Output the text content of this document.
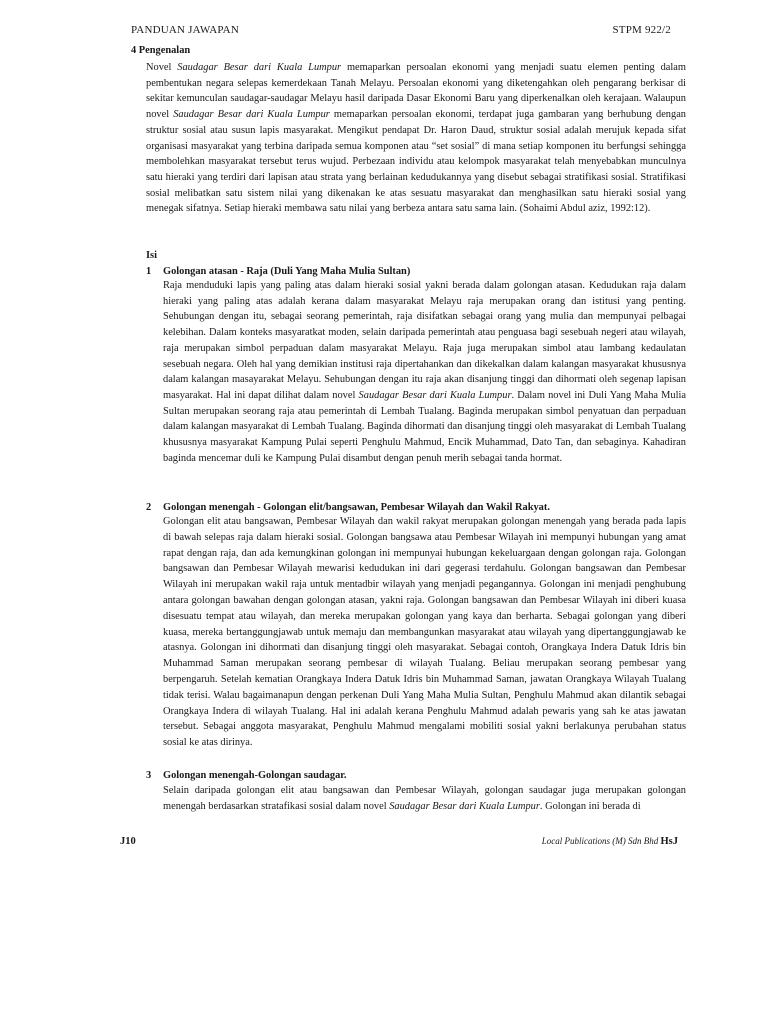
PANDUAN JAWAPAN	STPM 922/2
4 Pengenalan

Novel Saudagar Besar dari Kuala Lumpur memaparkan persoalan ekonomi yang menjadi suatu elemen penting dalam pembentukan negara selepas kemerdekaan Tanah Melayu. Persoalan ekonomi yang diketengahkan oleh pengarang berkisar di sekitar kemunculan saudagar-saudagar Melayu hasil daripada Dasar Ekonomi Baru yang diperkenalkan oleh kerajaan. Walaupun novel Saudagar Besar dari Kuala Lumpur memaparkan persoalan ekonomi, terdapat juga gambaran yang berhubung dengan struktur sosial atau susun lapis masyarakat. Mengikut pendapat Dr. Haron Daud, struktur sosial adalah merujuk kepada sifat organisasi masyarakat yang terbina daripada semua komponen atau “set sosial” di mana setiap komponen itu berfungsi sehingga membolehkan masyarakat tersebut terus wujud. Perbezaan individu atau kelompok masyarakat telah menyebabkan munculnya satu hieraki yang terdiri dari lapisan atau strata yang berlainan kedudukannya yang disebut sebagai stratifikasi sosial. Stratifikasi sosial melibatkan satu sistem nilai yang dikenakan ke atas sesuatu masyarakat dan menghasilkan satu hieraki sosial yang menegak sifatnya. Setiap hieraki membawa satu nilai yang berbeza antara satu sama lain. (Sohaimi Abdul aziz, 1992:12).

Isi
1 Golongan atasan - Raja (Duli Yang Maha Mulia Sultan)

Raja menduduki lapis yang paling atas dalam hieraki sosial yakni berada dalam golongan atasan. Kedudukan raja dalam hieraki yang paling atas adalah kerana dalam masyarakat Melayu raja merupakan orang dan istitusi yang penting. Sehubungan dengan itu, sebagai seorang pemerintah, raja disifatkan sebagai orang yang mulia dan mempunyai pelbagai kelebihan. Dalam konteks masyaratkat moden, selain daripada pemerintah atau penguasa bagi sesebuah negeri atau wilayah, raja merupakan simbol perpaduan dalam masyarakat Melayu. Raja juga merupakan simbol atau lambang kedaulatan sesebuah negara. Oleh hal yang demikian institusi raja dipertahankan dan dikekalkan dalam kalangan masyarakat khususnya dalam kalangan masayarakat Melayu. Sehubungan dengan itu raja akan disanjung tinggi dan dihormati oleh segenap lapisan masyarakat. Hal ini dapat dilihat dalam novel Saudagar Besar dari Kuala Lumpur. Dalam novel ini Duli Yang Maha Mulia Sultan merupakan seorang raja atau pemerintah di Lembah Tualang. Baginda merupakan simbol penyatuan dan perpaduan dalam kalangan masyarakat di Lembah Tualang. Baginda dihormati dan disanjung tinggi oleh masyarakat di Lembah Tualang khususnya masyarakat Kampung Pulai seperti Penghulu Mahmud, Encik Muhammad, Dato Tan, dan sebaginya. Kahadiran baginda mencemar duli ke Kampung Pulai disambut dengan penuh merih sebagai tanda hormat.

2 Golongan menengah - Golongan elit/bangsawan, Pembesar Wilayah dan Wakil Rakyat.

Golongan elit atau bangsawan, Pembesar Wilayah dan wakil rakyat merupakan golongan menengah yang berada pada lapis di bawah selepas raja dalam hieraki sosial. Golongan bangsawa atau Pembesar Wilayah ini mempunyi hubungan yang amat rapat dengan raja, dan ada kemungkinan golongan ini mempunyai hubungan kekeluargaan dengan golongan raja. Golongan bangsawan dan Pembesar Wilayah mewarisi kedudukan ini dari gegerasi terdahulu. Golongan bangsawan dan Pembesar Wilayah ini merupakan wakil raja untuk mentadbir wilayah yang menjadi pegangannya. Golongan ini menjadi penghubung antara golongan bawahan dengan golongan atasan, yakni raja. Golongan bangsawan dan Pembesar Wilayah ini diberi kuasa disesuatu tempat atau wilayah, dan mereka merupakan golongan yang kaya dan berharta. Sebagai golongan yang diberi kuasa, mereka bertanggungjawab untuk memaju dan membangunkan masyarakat atau wilayah yang dipertanggungjawab ke atasnya. Golongan ini dihormati dan disanjung tinggi oleh masyarakat. Sebagai contoh, Orangkaya Indera Datuk Idris bin Muhammad Saman merupakan seorang pembesar di wilayah Tualang. Beliau merupakan seorang pembesar yang berpengaruh. Setelah kematian Orangkaya Indera Datuk Idris bin Muhammad Saman, jawatan Orangkaya Wilayah Tualang tidak terisi. Walau bagaimanapun dengan perkenan Duli Yang Maha Mulia Sultan, Penghulu Mahmud akan dilantik sebagai Orangkaya Indera di wilayah Tualang. Hal ini adalah kerana Penghulu Mahmud adalah pewaris yang sah ke atas jawatan tersebut. Sebagai anggota masyarakat, Penghulu Mahmud mengalami mobiliti sosial yakni berlakunya perubahan status sosial ke atas dirinya.

3 Golongan menengah-Golongan saudagar.

Selain daripada golongan elit atau bangsawan dan Pembesar Wilayah, golongan saudagar juga merupakan golongan menengah berdasarkan stratafikasi sosial dalam novel Saudagar Besar dari Kuala Lumpur. Golongan ini berada di

J10	Local Publications (M) Sdn Bhd HsJ
